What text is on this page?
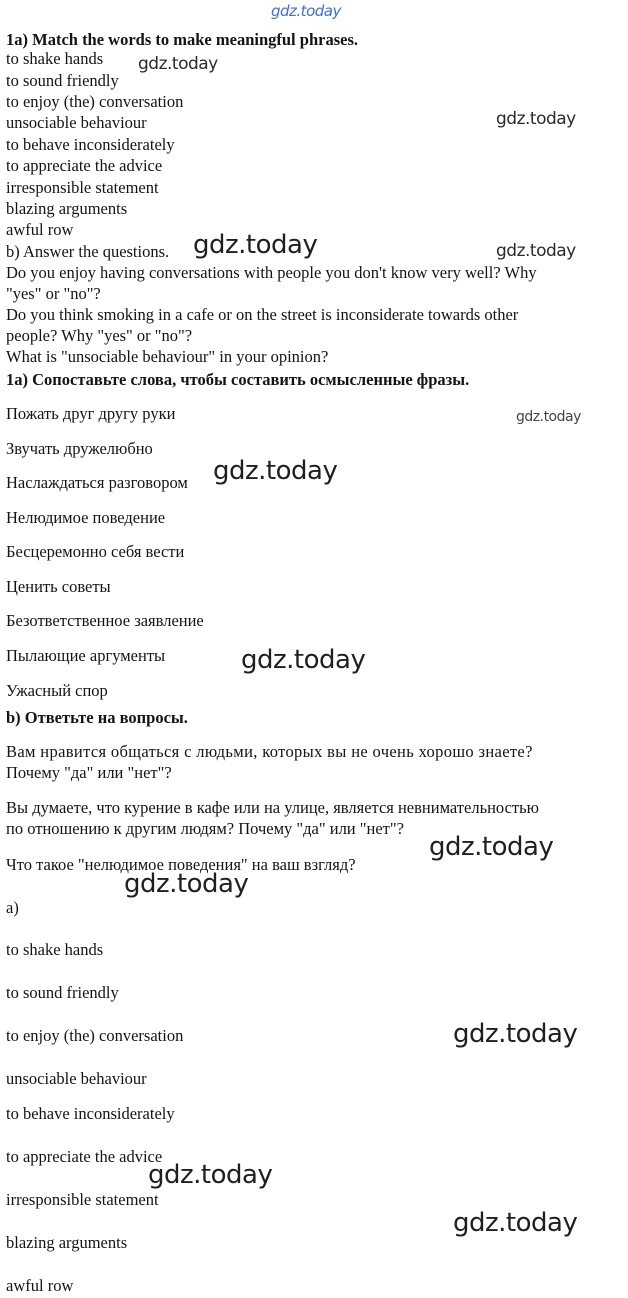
1a) Match the words to make meaningful phrases.
to shake hands
to sound friendly
to enjoy (the) conversation
unsociable behaviour
to behave inconsiderately
to appreciate the advice
irresponsible statement
blazing arguments
awful row
b) Answer the questions.
Do you enjoy having conversations with people you don't know very well? Why
"yes" or "no"?
Do you think smoking in a cafe or on the street is inconsiderate towards other
people? Why "yes" or "no"?
What is "unsociable behaviour" in your opinion?
1a) Сопоставьте слова, чтобы составить осмысленные фразы.
Пожать друг другу руки
Звучать дружелюбно
Наслаждаться разговором
Нелюдимое поведение
Бесцеремонно себя вести
Ценить советы
Безответственное заявление
Пылающие аргументы
Ужасный спор
b) Ответьте на вопросы.
Вам нравится общаться с людьми, которых вы не очень хорошо знаете?
Почему "да" или "нет"?
Вы думаете, что курение в кафе или на улице, является невнимательностью
по отношению к другим людям? Почему "да" или "нет"?
Что такое "нелюдимое поведения" на ваш взгляд?
a)
to shake hands
to sound friendly
to enjoy (the) conversation
unsociable behaviour
to behave inconsiderately
to appreciate the advice
irresponsible statement
blazing arguments
awful row
gdz.today
gdz.today
gdz.today
gdz.today	gdz.today
gdz.today
gdz.today
gdz.today
gdz.today
gdz.today
gdz.today
gdz.today
gdz.today
